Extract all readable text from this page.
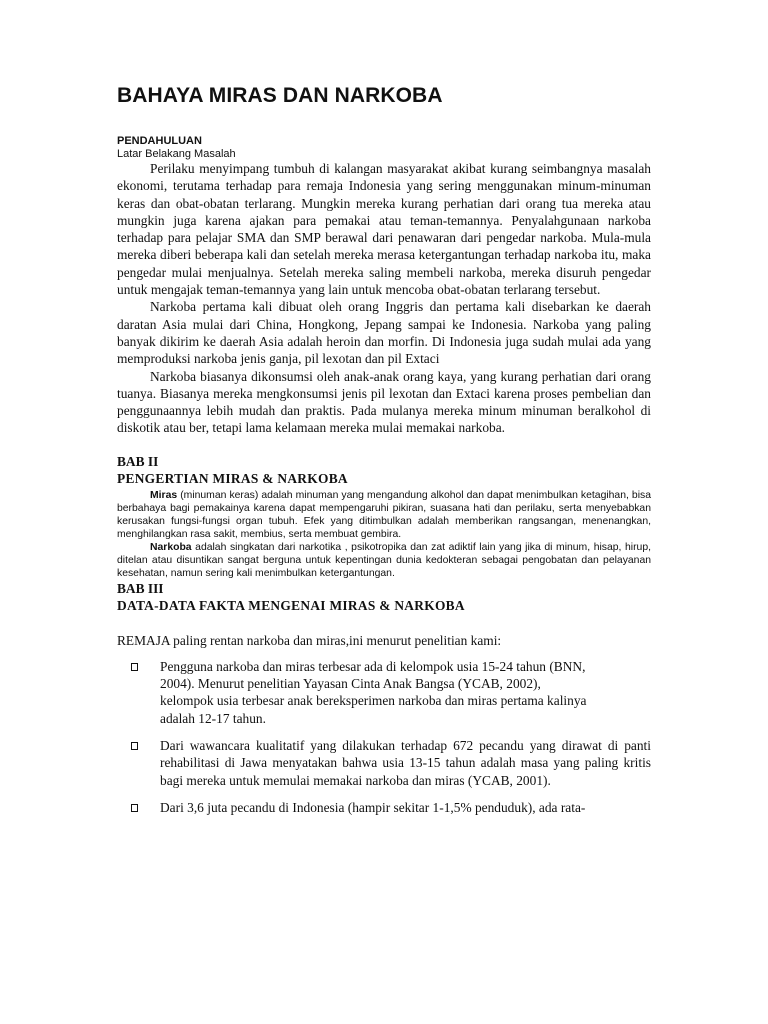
BAHAYA MIRAS DAN NARKOBA
PENDAHULUAN
Latar Belakang Masalah

Perilaku menyimpang tumbuh di kalangan masyarakat akibat kurang seimbangnya masalah ekonomi, terutama terhadap para remaja Indonesia yang sering menggunakan minum-minuman keras dan obat-obatan terlarang. Mungkin mereka kurang perhatian dari orang tua mereka atau mungkin juga karena ajakan para pemakai atau teman-temannya. Penyalahgunaan narkoba terhadap para pelajar SMA dan SMP berawal dari penawaran dari pengedar narkoba. Mula-mula mereka diberi beberapa kali dan setelah mereka merasa ketergantungan terhadap narkoba itu, maka pengedar mulai menjualnya. Setelah mereka saling membeli narkoba, mereka disuruh pengedar untuk mengajak teman-temannya yang lain untuk mencoba obat-obatan terlarang tersebut.

Narkoba pertama kali dibuat oleh orang Inggris dan pertama kali disebarkan ke daerah daratan Asia mulai dari China, Hongkong, Jepang sampai ke Indonesia. Narkoba yang paling banyak dikirim ke daerah Asia adalah heroin dan morfin. Di Indonesia juga sudah mulai ada yang memproduksi narkoba jenis ganja, pil lexotan dan pil Extaci

Narkoba biasanya dikonsumsi oleh anak-anak orang kaya, yang kurang perhatian dari orang tuanya. Biasanya mereka mengkonsumsi jenis pil lexotan dan Extaci karena proses pembelian dan penggunaannya lebih mudah dan praktis. Pada mulanya mereka minum minuman beralkohol di diskotik atau ber, tetapi lama kelamaan mereka mulai memakai narkoba.

BAB II
PENGERTIAN MIRAS & NARKOBA

Miras (minuman keras) adalah minuman yang mengandung alkohol dan dapat menimbulkan ketagihan, bisa berbahaya bagi pemakainya karena dapat mempengaruhi pikiran, suasana hati dan perilaku, serta menyebabkan kerusakan fungsi-fungsi organ tubuh. Efek yang ditimbulkan adalah memberikan rangsangan, menenangkan, menghilangkan rasa sakit, membius, serta membuat gembira.

Narkoba adalah singkatan dari narkotika , psikotropika dan zat adiktif lain yang jika di minum, hisap, hirup, ditelan atau disuntikan sangat berguna untuk kepentingan dunia kedokteran sebagai pengobatan dan pelayanan kesehatan, namun sering kali menimbulkan ketergantungan.

BAB III
DATA-DATA FAKTA MENGENAI MIRAS & NARKOBA

REMAJA paling rentan narkoba dan miras,ini menurut penelitian kami:

Pengguna narkoba dan miras terbesar ada di kelompok usia 15-24 tahun (BNN,

2004). Menurut penelitian Yayasan Cinta Anak Bangsa (YCAB, 2002),

kelompok usia terbesar anak bereksperimen narkoba dan miras pertama kalinya

adalah 12-17 tahun.

Dari wawancara kualitatif yang dilakukan terhadap 672 pecandu yang dirawat di panti rehabilitasi di Jawa menyatakan bahwa usia 13-15 tahun adalah masa yang paling kritis bagi mereka untuk memulai memakai narkoba dan miras (YCAB, 2001).

Dari 3,6 juta pecandu di Indonesia (hampir sekitar 1-1,5% penduduk), ada rata-
